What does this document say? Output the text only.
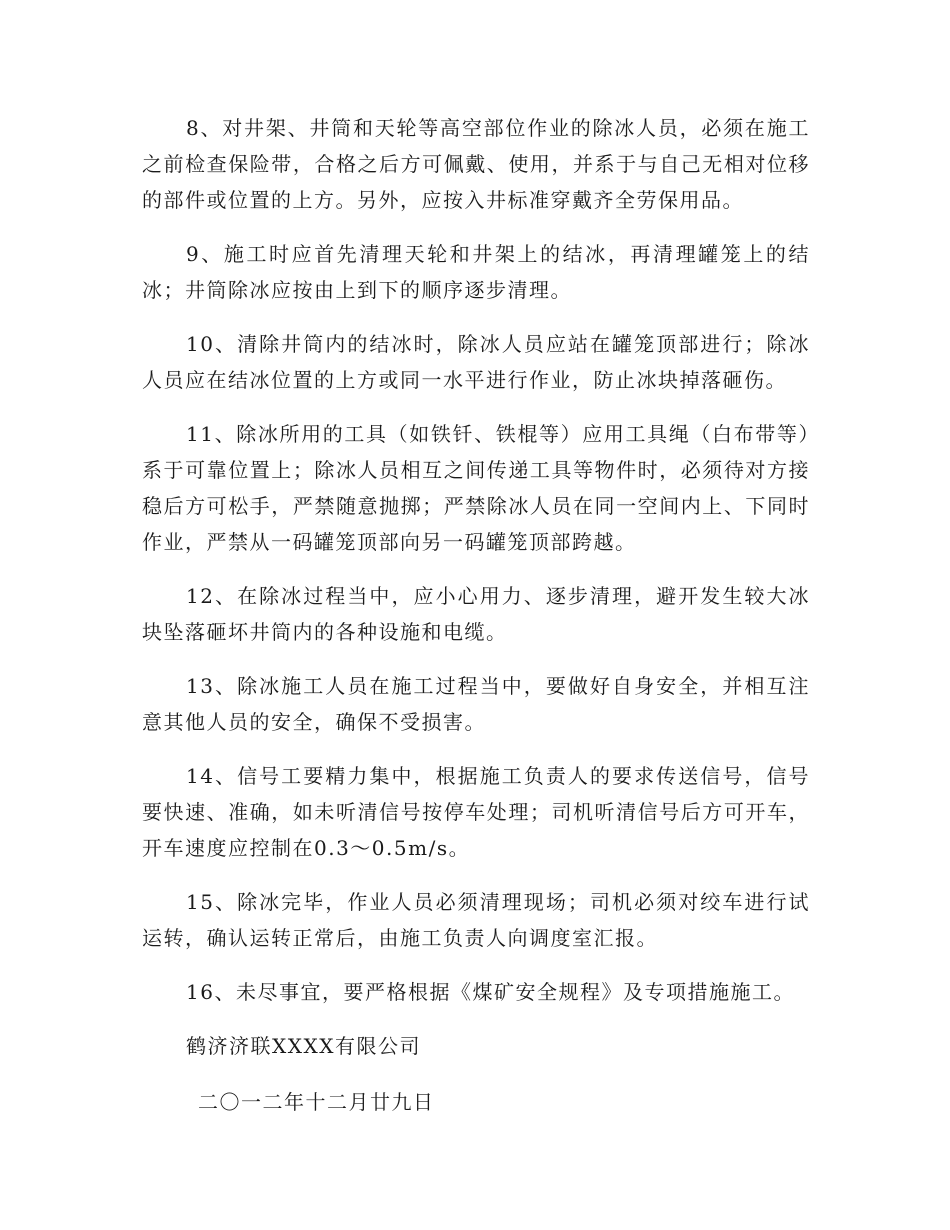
8、对井架、井筒和天轮等高空部位作业的除冰人员，必须在施工之前检查保险带，合格之后方可佩戴、使用，并系于与自己无相对位移的部件或位置的上方。另外，应按入井标准穿戴齐全劳保用品。

9、施工时应首先清理天轮和井架上的结冰，再清理罐笼上的结冰；井筒除冰应按由上到下的顺序逐步清理。

10、清除井筒内的结冰时，除冰人员应站在罐笼顶部进行；除冰人员应在结冰位置的上方或同一水平进行作业，防止冰块掉落砸伤。

11、除冰所用的工具（如铁钎、铁棍等）应用工具绳（白布带等）系于可靠位置上；除冰人员相互之间传递工具等物件时，必须待对方接稳后方可松手，严禁随意抛掷；严禁除冰人员在同一空间内上、下同时作业，严禁从一码罐笼顶部向另一码罐笼顶部跨越。

12、在除冰过程当中，应小心用力、逐步清理，避开发生较大冰块坠落砸坏井筒内的各种设施和电缆。

13、除冰施工人员在施工过程当中，要做好自身安全，并相互注意其他人员的安全，确保不受损害。

14、信号工要精力集中，根据施工负责人的要求传送信号，信号要快速、准确，如未听清信号按停车处理；司机听清信号后方可开车，开车速度应控制在0.3～0.5m/s。

15、除冰完毕，作业人员必须清理现场；司机必须对绞车进行试运转，确认运转正常后，由施工负责人向调度室汇报。

16、未尽事宜，要严格根据《煤矿安全规程》及专项措施施工。

鹤济济联XXXX有限公司

二〇一二年十二月廿九日
